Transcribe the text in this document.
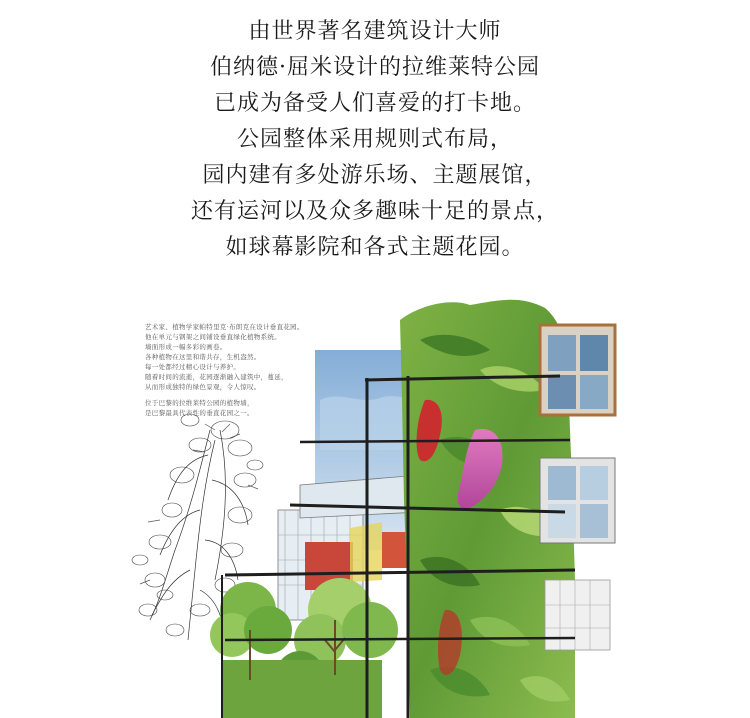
由世界著名建筑设计大师
伯纳德·屈米设计的拉维莱特公园
已成为备受人们喜爱的打卡地。
公园整体采用规则式布局，
园内建有多处游乐场、主题展馆，
还有运河以及众多趣味十足的景点，
如球幕影院和各式主题花园。
艺术家、植物学家帕特里克·布朗克在设计垂直花园。
他在单元与钢架之间铺设垂直绿化植物系统。
墙面形成一幅多彩的画卷。
各种植物在这里和谐共存，生机盎然。
每一处都经过精心设计与养护。
随着时间的流逝，花园逐渐融入建筑中，蔓延，
从而形成独特的绿色景观，令人惊叹。
位于巴黎的拉维莱特公园的植物墙，
是巴黎最具代表性的垂直花园之一。
